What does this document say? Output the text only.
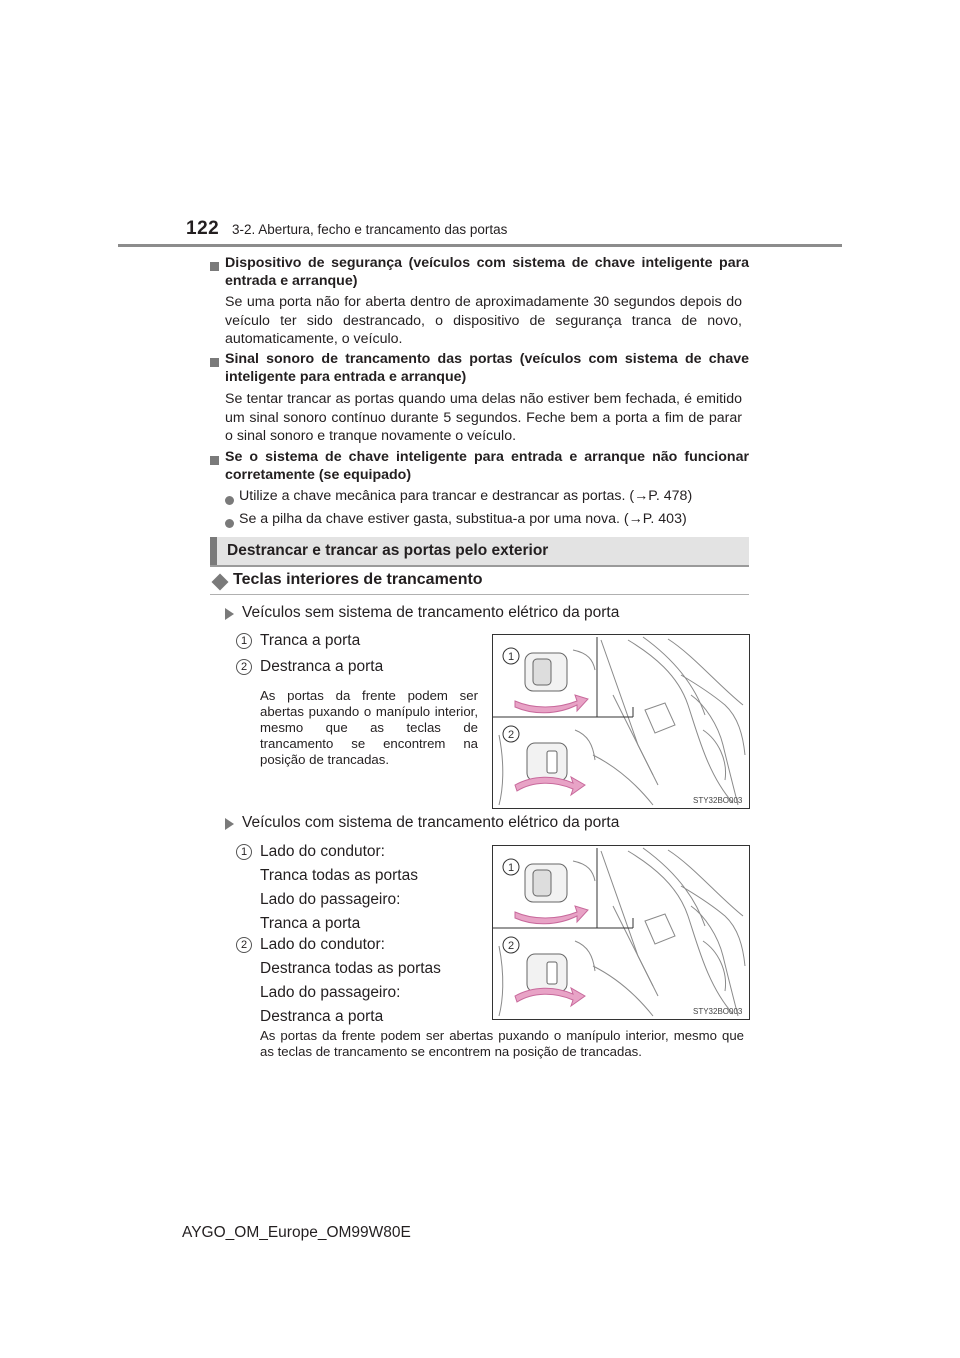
122 3-2. Abertura, fecho e trancamento das portas
Dispositivo de segurança (veículos com sistema de chave inteligente para entrada e arranque)
Se uma porta não for aberta dentro de aproximadamente 30 segundos depois do veículo ter sido destrancado, o dispositivo de segurança tranca de novo, automaticamente, o veículo.
Sinal sonoro de trancamento das portas (veículos com sistema de chave inteligente para entrada e arranque)
Se tentar trancar as portas quando uma delas não estiver bem fechada, é emitido um sinal sonoro contínuo durante 5 segundos. Feche bem a porta a fim de parar o sinal sonoro e tranque novamente o veículo.
Se o sistema de chave inteligente para entrada e arranque não funcionar corretamente (se equipado)
Utilize a chave mecânica para trancar e destrancar as portas. (→P. 478)
Se a pilha da chave estiver gasta, substitua-a por uma nova. (→P. 403)
Destrancar e trancar as portas pelo exterior
Teclas interiores de trancamento
Veículos sem sistema de trancamento elétrico da porta
1 Tranca a porta
2 Destranca a porta
As portas da frente podem ser abertas puxando o manípulo interior, mesmo que as teclas de trancamento se encontrem na posição de trancadas.
1
2
STY32BO003
Veículos com sistema de trancamento elétrico da porta
1 Lado do condutor:
Tranca todas as portas
Lado do passageiro:
Tranca a porta
2 Lado do condutor:
Destranca todas as portas
Lado do passageiro:
Destranca a porta
1
2
STY32BO003
As portas da frente podem ser abertas puxando o manípulo interior, mesmo que as teclas de trancamento se encontrem na posição de trancadas.
AYGO_OM_Europe_OM99W80E
